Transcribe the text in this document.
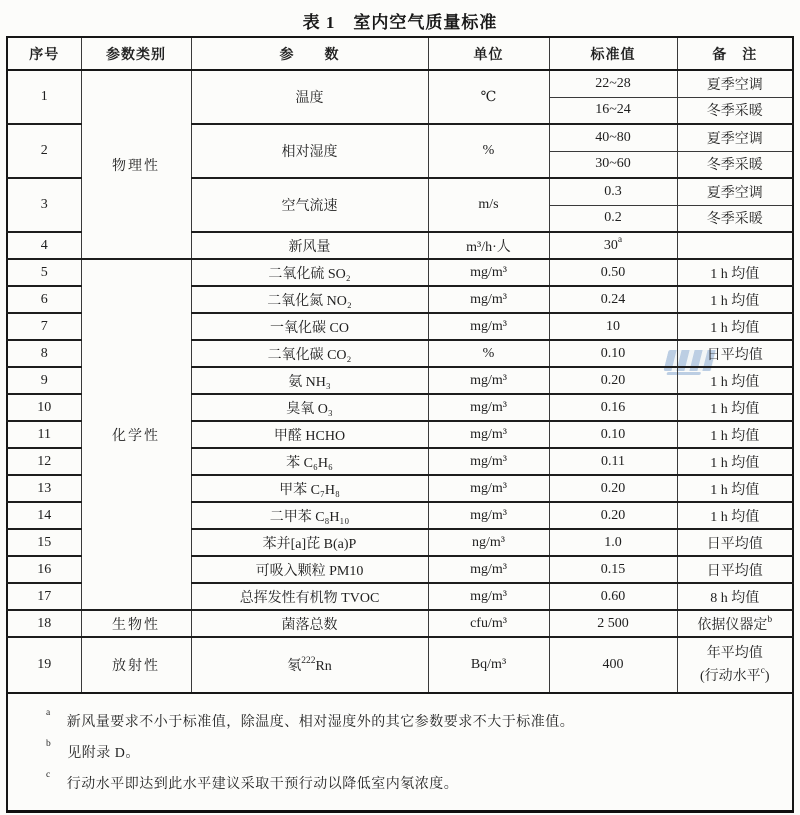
表 1　室内空气质量标准
序号	参数类别	参　　数	单位	标准值	备　注
1	物理性	温度	℃	22~28	夏季空调
				16~24	冬季采暖
2		相对湿度	%	40~80	夏季空调
				30~60	冬季采暖
3		空气流速	m/s	0.3	夏季空调
				0.2	冬季采暖
4		新风量	m³/h·人	30$^a$	
5	化学性	二氧化硫 SO₂	mg/m³	0.50	1 h 均值
6		二氧化氮 NO₂	mg/m³	0.24	1 h 均值
7		一氧化碳 CO	mg/m³	10	1 h 均值
8		二氧化碳 CO₂	%	0.10	日平均值
9		氨 NH₃	mg/m³	0.20	1 h 均值
10		臭氧 O₃	mg/m³	0.16	1 h 均值
11		甲醛 HCHO	mg/m³	0.10	1 h 均值
12		苯 C₆H₆	mg/m³	0.11	1 h 均值
13		甲苯 C₇H₈	mg/m³	0.20	1 h 均值
14		二甲苯 C₈H₁₀	mg/m³	0.20	1 h 均值
15		苯并[a]芘 B(a)P	ng/m³	1.0	日平均值
16		可吸入颗粒 PM10	mg/m³	0.15	日平均值
17		总挥发性有机物 TVOC	mg/m³	0.60	8 h 均值
18	生物性	菌落总数	cfu/m³	2 500	依据仪器定$^b$
19	放射性	氡$^{222}$Rn	Bq/m³	400	年平均值
(行动水平$^c$)

$^a$新风量要求不小于标准值，除温度、相对湿度外的其它参数要求不大于标准值。
$^b$见附录 D。
$^c$行动水平即达到此水平建议采取干预行动以降低室内氡浓度。					
